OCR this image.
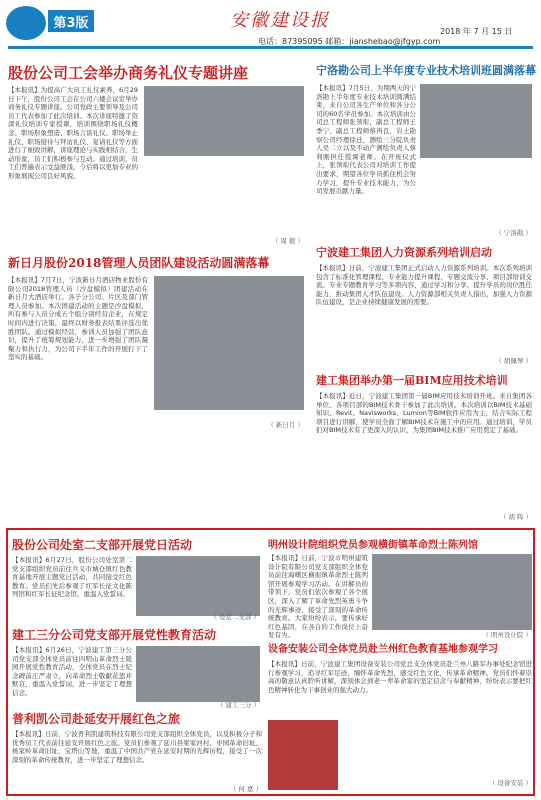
第3版	安徽建设报
2018 年 7 月 15 日
电话：87395095 邮箱：jianshebao@jfgyp.com
股份公司工会举办商务礼仪专题讲座
【本报讯】为提高广大员工礼仪素养，6月29日下午，股份公司工会在公司六楼会议室举办商务礼仪专题讲座。公司党政主要领导及公司员工代表参加了此次培训。本次讲座特邀了资深礼仪培训专家授课，培训围绕职场礼仪概念、职场形象塑造、职场言谈礼仪、职场举止礼仪、职场接待与拜访礼仪、宴请礼仪等方面进行了细致讲解，讲座理论与实践相结合，生动形象，员工们积极参与互动。通过培训，员工们普遍表示受益匪浅，今后将以更加专业的形象展现公司良好风貌。
（ 周 毅 ）
宁洛勘公司上半年度专业技术培训班圆满落幕
【本报讯】7月5日，为期两天的宁洛勘上半年度专业技术培训圆满结束，来自公司各生产单位和各分公司的60名学员参加。本次培训由公司总工程师张领衔，副总工程师王季宁、副总工程师蔡再良，岩土勘察公司经理徐迁，测绘三分院负责人吴二立以及不动产测绘负责人蔡利刚担任授课老师。在开班仪式上，张领衔代表公司对培训工作提出要求，期望各位学员抓住机会努力学习，提升专业技术能力，为公司发展贡献力量。
（ 宁洛勘 ）
新日月股份2018管理人员团队建设活动圆满落幕
【本报讯】7月7日，宁波新日月酒店物业股份有限公司2018管理人员（沙盘模拟）团建活动在新日月大酒店举行。各子分公司、片区及部门管理人员参加。本次团建活动的主题是沙盘模拟，所有参与人员分成五个组分别经营企业，在规定时间内进行决策，最终以财务报表结果评选出优胜团队。通过模拟经营，参训人员加强了团队意识，提升了统筹规划能力，进一步增强了团队凝聚力和执行力，为公司下半年工作的开展打下了坚实的基础。
（ 新日月 ）
宁波建工集团人力资源系列培训启动
【本报讯】日前，宁波建工集团正式启动人力资源系列培训。本次系列培训包含了标准化管理课程、专业能力提升课程、专题交流分享、项目部培训交流、专业专题教育学习等多项内容，通过学习和分享，提升学员的岗位胜任能力，推动集团人才队伍建设。人力资源部相关负责人指出，加强人力资源队伍建设，是企业持续健康发展的需要。
（ 胡佩琴 ）
建工集团举办第一届BIM应用技术培训
【本报讯】近日，宁波建工集团第一届BIM应用技术培训开班。来自集团各单位、各项目部的BIM技术骨干参加了此次培训。本次培训以BIM技术基础知识、Revit、Navisworks、Lumion等BIM软件应用为主，结合实际工程项目进行讲解，使学员全面了解BIM技术在施工中的应用。通过培训，学员们对BIM技术有了更深入的认识，为集团BIM技术推广应用奠定了基础。
（ 胡 晖 ）
股份公司处室二支部开展党日活动
【本报讯】6月27日，股份公司处室第二党支部组织党员前往兵义市城仓镇红色教育基地开展主题党日活动，共同接受红色教育。党员们先后参观了红军长征文化陈列馆和红军长征纪念馆，重温入党誓词。
（ 处室二支部 ）
明州设计院组织党员参观横街镇革命烈士陈列馆
【本报讯】日前，宁波市明州建筑设计院有限公司党支部组织全体党员前往海曙区横街镇革命烈士陈列馆开展参观学习活动。在讲解员的带领下，党员们依次参观了各个展区，深入了解了革命先烈英勇斗争的光辉事迹，接受了深刻的革命传统教育。大家纷纷表示，要传承好红色基因，在各自的工作岗位上奋发有为。	（ 明州设计院 ）
建工三分公司党支部开展党性教育活动
【本报讯】6月26日，宁波建工第三分公司党支部全体党员前往四明山革命烈士陵园开展党性教育活动，全体党员在烈士纪念碑前庄严肃立，向革命烈士敬献花篮并默哀，重温入党誓词，进一步坚定了理想信念。
（ 建工三分 ）
设备安装公司全体党员赴兰州红色教育基地参观学习
【本报讯】日前，宁波建工集团设备安装公司党总支全体党员赴兰州八路军办事处纪念馆进行参观学习，追寻红军足迹，缅怀革命先烈，感受红色文化，传承革命精神。党员们怀着崇高的敬意认真聆听讲解，深刻体会到老一辈革命家的坚定信念与奉献精神，纷纷表示要把红色精神转化为干事创业的强大动力。
（ 设备安装 ）
普利凯公司赴延安开展红色之旅
【本报讯】日前，宁波普利凯建筑科技有限公司党支部组织全体党员，以及积极分子和优秀员工代表前往延安开展红色之旅。党员们参观了延川县梁家河村、枣园革命旧址、杨家岭革命旧址、宝塔山等地，重温了中国共产党在延安时期的光辉历程，接受了一次深刻的革命传统教育，进一步坚定了理想信念。
（ 何 嘉 ）
